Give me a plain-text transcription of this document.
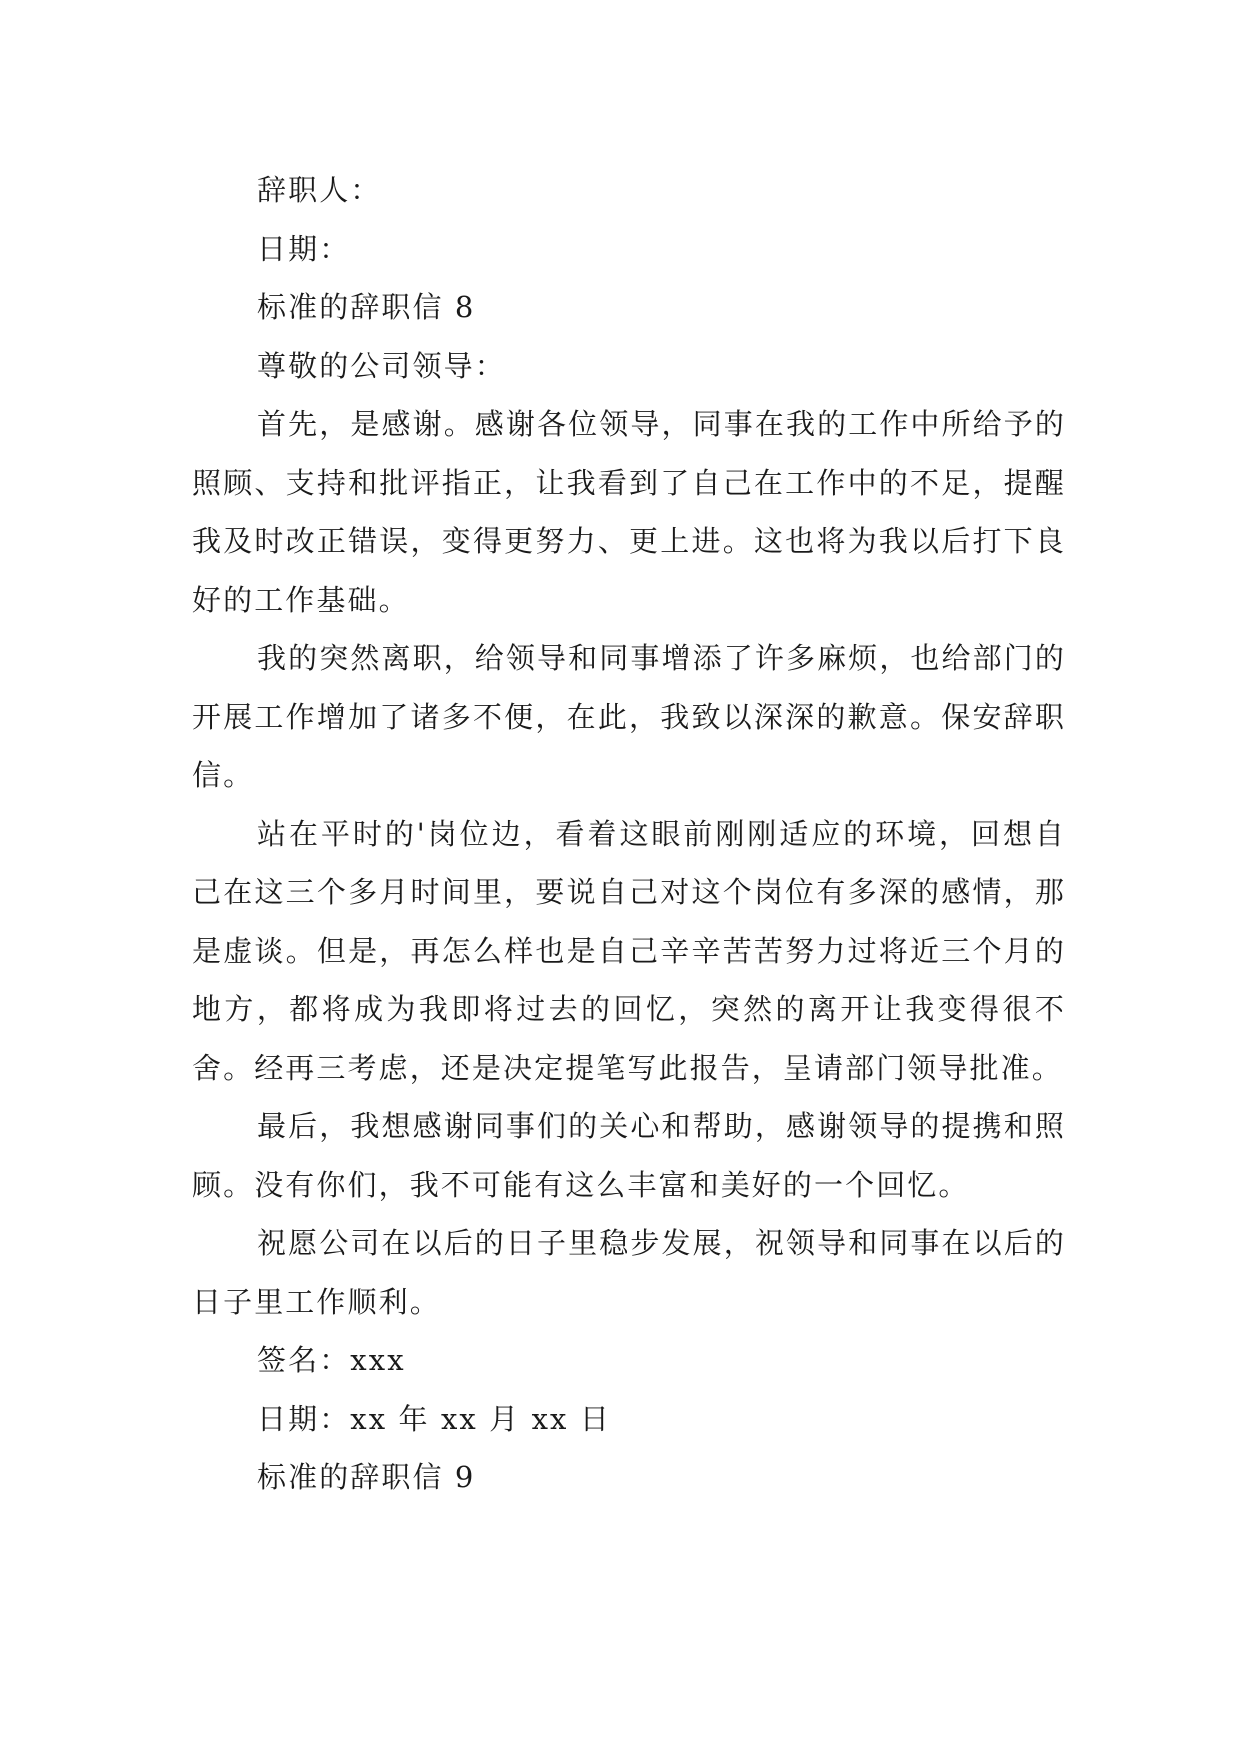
辞职人：

日期：

标准的辞职信 8

尊敬的公司领导：

首先，是感谢。感谢各位领导，同事在我的工作中所给予的照顾、支持和批评指正，让我看到了自己在工作中的不足，提醒我及时改正错误，变得更努力、更上进。这也将为我以后打下良好的工作基础。

我的突然离职，给领导和同事增添了许多麻烦，也给部门的开展工作增加了诸多不便，在此，我致以深深的歉意。保安辞职信。

站在平时的'岗位边，看着这眼前刚刚适应的环境，回想自己在这三个多月时间里，要说自己对这个岗位有多深的感情，那是虚谈。但是，再怎么样也是自己辛辛苦苦努力过将近三个月的地方，都将成为我即将过去的回忆，突然的离开让我变得很不舍。经再三考虑，还是决定提笔写此报告，呈请部门领导批准。

最后，我想感谢同事们的关心和帮助，感谢领导的提携和照顾。没有你们，我不可能有这么丰富和美好的一个回忆。

祝愿公司在以后的日子里稳步发展，祝领导和同事在以后的日子里工作顺利。

签名：xxx

日期：xx 年 xx 月 xx 日

标准的辞职信 9
